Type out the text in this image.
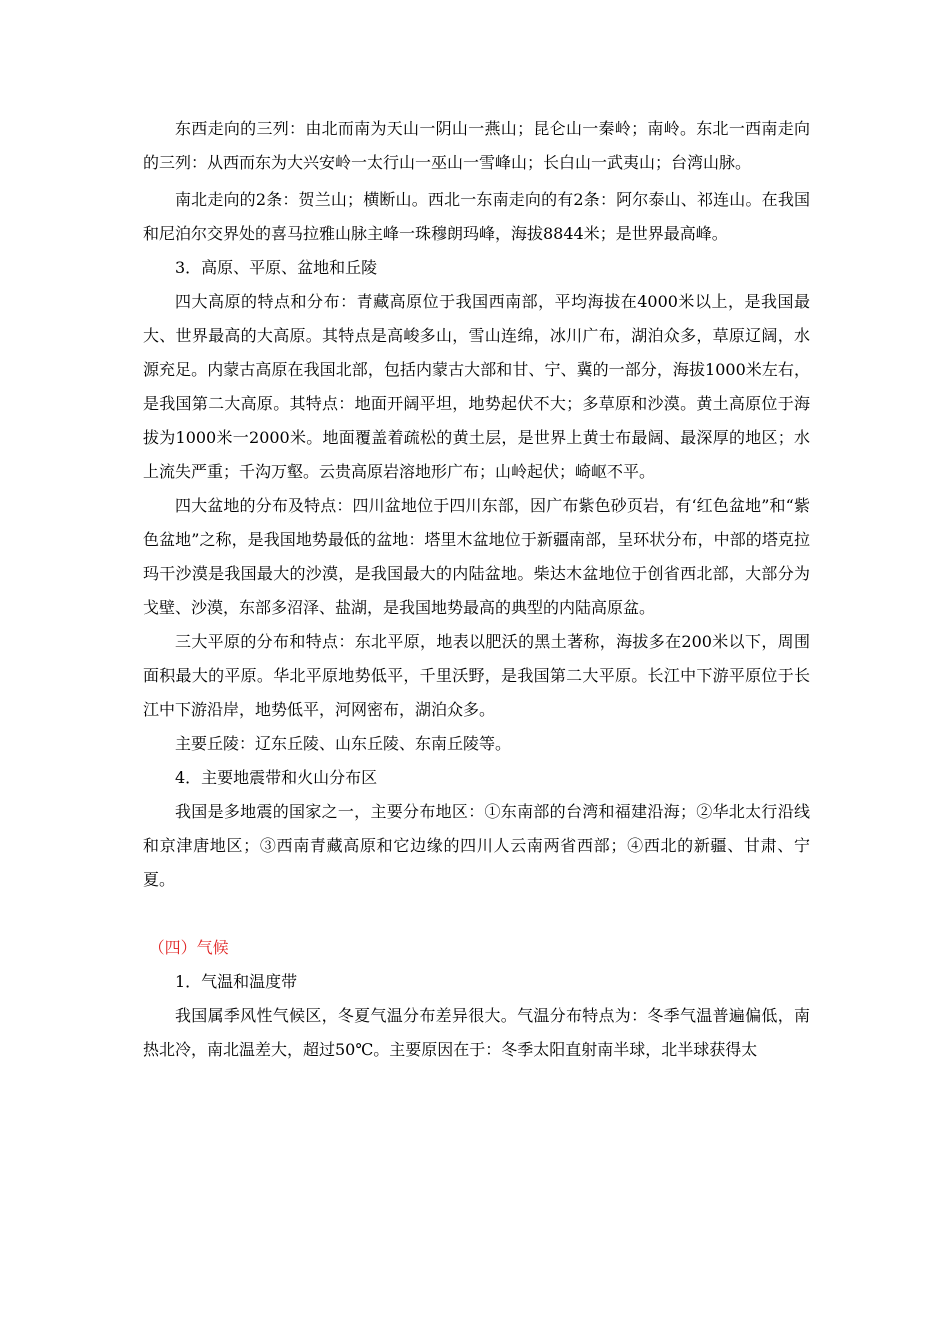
东西走向的三列：由北而南为天山一阴山一燕山；昆仑山一秦岭；南岭。东北一西南走向的三列：从西而东为大兴安岭一太行山一巫山一雪峰山；长白山一武夷山；台湾山脉。

南北走向的2条：贺兰山；横断山。西北一东南走向的有2条：阿尔泰山、祁连山。在我国和尼泊尔交界处的喜马拉雅山脉主峰一珠穆朗玛峰，海拔8844米；是世界最高峰。

3．高原、平原、盆地和丘陵

四大高原的特点和分布：青藏高原位于我国西南部，平均海拔在4000米以上，是我国最大、世界最高的大高原。其特点是高峻多山，雪山连绵，冰川广布，湖泊众多，草原辽阔，水源充足。内蒙古高原在我国北部，包括内蒙古大部和甘、宁、冀的一部分，海拔1000米左右，是我国第二大高原。其特点：地面开阔平坦，地势起伏不大；多草原和沙漠。黄土高原位于海拔为1000米一2000米。地面覆盖着疏松的黄土层，是世界上黄士布最阔、最深厚的地区；水上流失严重；千沟万壑。云贵高原岩溶地形广布；山岭起伏；崎岖不平。

四大盆地的分布及特点：四川盆地位于四川东部，因广布紫色砂页岩，有‘红色盆地”和“紫色盆地”之称，是我国地势最低的盆地：塔里木盆地位于新疆南部，呈环状分布，中部的塔克拉玛干沙漠是我国最大的沙漠，是我国最大的内陆盆地。柴达木盆地位于创省西北部，大部分为戈壁、沙漠，东部多沼泽、盐湖，是我国地势最高的典型的内陆高原盆。

三大平原的分布和特点：东北平原，地表以肥沃的黑土著称，海拔多在200米以下，周围面积最大的平原。华北平原地势低平，千里沃野，是我国第二大平原。长江中下游平原位于长江中下游沿岸，地势低平，河网密布，湖泊众多。

主要丘陵：辽东丘陵、山东丘陵、东南丘陵等。

4．主要地震带和火山分布区

我国是多地震的国家之一，主要分布地区：①东南部的台湾和福建沿海；②华北太行沿线和京津唐地区；③西南青藏高原和它边缘的四川人云南两省西部；④西北的新疆、甘肃、宁夏。

（四）气候

1．气温和温度带

我国属季风性气候区，冬夏气温分布差异很大。气温分布特点为：冬季气温普遍偏低，南热北冷，南北温差大，超过50℃。主要原因在于：冬季太阳直射南半球，北半球获得太
